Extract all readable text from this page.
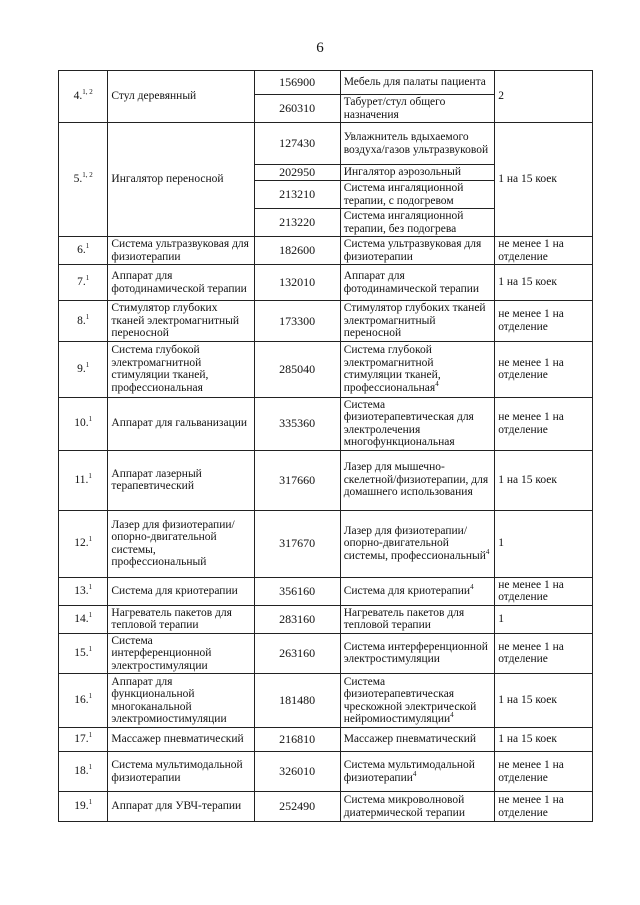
6
4.$^{1, 2}$	Стул деревянный	156900	Мебель для палаты пациента	2
		260310	Табурет/стул общего назначения	
5.$^{1, 2}$	Ингалятор переносной	127430	Увлажнитель вдыхаемого воздуха/газов ультразвуковой	1 на 15 коек
		202950	Ингалятор аэрозольный	
		213210	Система ингаляционной терапии, с подогревом	
		213220	Система ингаляционной терапии, без подогрева	
6.$^1$	Система ультразвуковая для физиотерапии	182600	Система ультразвуковая для физиотерапии	не менее 1 на отделение
7.$^1$	Аппарат для фотодинамической терапии	132010	Аппарат для фотодинамической терапии	1 на 15 коек
8.$^1$	Стимулятор глубоких тканей электромагнитный переносной	173300	Стимулятор глубоких тканей электромагнитный переносной	не менее 1 на отделение
9.$^1$	Система глубокой электромагнитной стимуляции тканей, профессиональная	285040	Система глубокой электромагнитной стимуляции тканей, профессиональная$^4$	не менее 1 на отделение
10.$^1$	Аппарат для гальванизации	335360	Система физиотерапевтическая для электролечения многофункциональная	не менее 1 на отделение
11.$^1$	Аппарат лазерный терапевтический	317660	Лазер для мышечно-скелетной/физиотерапии, для домашнего использования	1 на 15 коек
12.$^1$	Лазер для физиотерапии/опорно-двигательной системы, профессиональный	317670	Лазер для физиотерапии/опорно-двигательной системы, профессиональный$^4$	1
13.$^1$	Система для криотерапии	356160	Система для криотерапии$^4$	не менее 1 на отделение
14.$^1$	Нагреватель пакетов для тепловой терапии	283160	Нагреватель пакетов для тепловой терапии	1
15.$^1$	Система интерференционной электростимуляции	263160	Система интерференционной электростимуляции	не менее 1 на отделение
16.$^1$	Аппарат для функциональной многоканальной электромиостимуляции	181480	Система физиотерапевтическая чрескожной электрической нейромиостимуляции$^4$	1 на 15 коек
17.$^1$	Массажер пневматический	216810	Массажер пневматический	1 на 15 коек
18.$^1$	Система мультимодальной физиотерапии	326010	Система мультимодальной физиотерапии$^4$	не менее 1 на отделение
19.$^1$	Аппарат для УВЧ-терапии	252490	Система микроволновой диатермической терапии	не менее 1 на отделение
